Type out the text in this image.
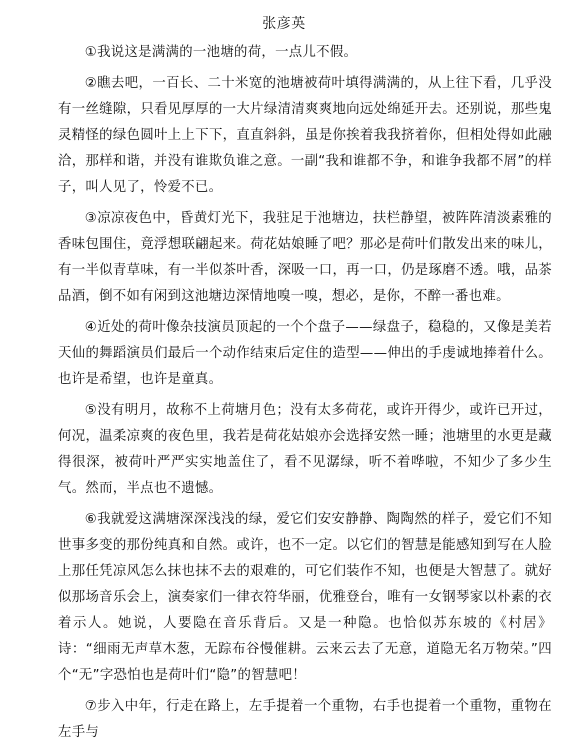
张彦英

①我说这是满满的一池塘的荷，一点儿不假。

②瞧去吧，一百长、二十米宽的池塘被荷叶填得满满的，从上往下看，几乎没有一丝缝隙，只看见厚厚的一大片绿清清爽爽地向远处绵延开去。还别说，那些鬼灵精怪的绿色圆叶上上下下，直直斜斜，虽是你挨着我我挤着你，但相处得如此融洽，那样和谐，并没有谁欺负谁之意。一副“我和谁都不争，和谁争我都不屑”的样子，叫人见了，怜爱不已。

③凉凉夜色中，昏黄灯光下，我驻足于池塘边，扶栏静望，被阵阵清淡素雅的香味包围住，竟浮想联翩起来。荷花姑娘睡了吧？那必是荷叶们散发出来的味儿，有一半似青草味，有一半似茶叶香，深吸一口，再一口，仍是琢磨不透。哦，品茶品酒，倒不如有闲到这池塘边深情地嗅一嗅，想必，是你，不醉一番也难。

④近处的荷叶像杂技演员顶起的一个个盘子——绿盘子，稳稳的，又像是美若天仙的舞蹈演员们最后一个动作结束后定住的造型——伸出的手虔诚地捧着什么。也许是希望，也许是童真。

⑤没有明月，故称不上荷塘月色；没有太多荷花，或许开得少，或许已开过，何况，温柔凉爽的夜色里，我若是荷花姑娘亦会选择安然一睡；池塘里的水更是藏得很深，被荷叶严严实实地盖住了，看不见潺绿，听不着哗啦，不知少了多少生气。然而，半点也不遗憾。

⑥我就爱这满塘深深浅浅的绿，爱它们安安静静、陶陶然的样子，爱它们不知世事多变的那份纯真和自然。或许，也不一定。以它们的智慧是能感知到写在人脸上那任凭凉风怎么抹也抹不去的艰难的，可它们装作不知，也便是大智慧了。就好似那场音乐会上，演奏家们一律衣符华丽，优雅登台，唯有一女钢琴家以朴素的衣着示人。她说，人要隐在音乐背后。又是一种隐。也恰似苏东坡的《村居》诗：“细雨无声草木葱，无踪布谷慢催耕。云来云去了无意，道隐无名万物荣。”四个“无”字恐怕也是荷叶们“隐”的智慧吧！

⑦步入中年，行走在路上，左手提着一个重物，右手也提着一个重物，重物在左手与
